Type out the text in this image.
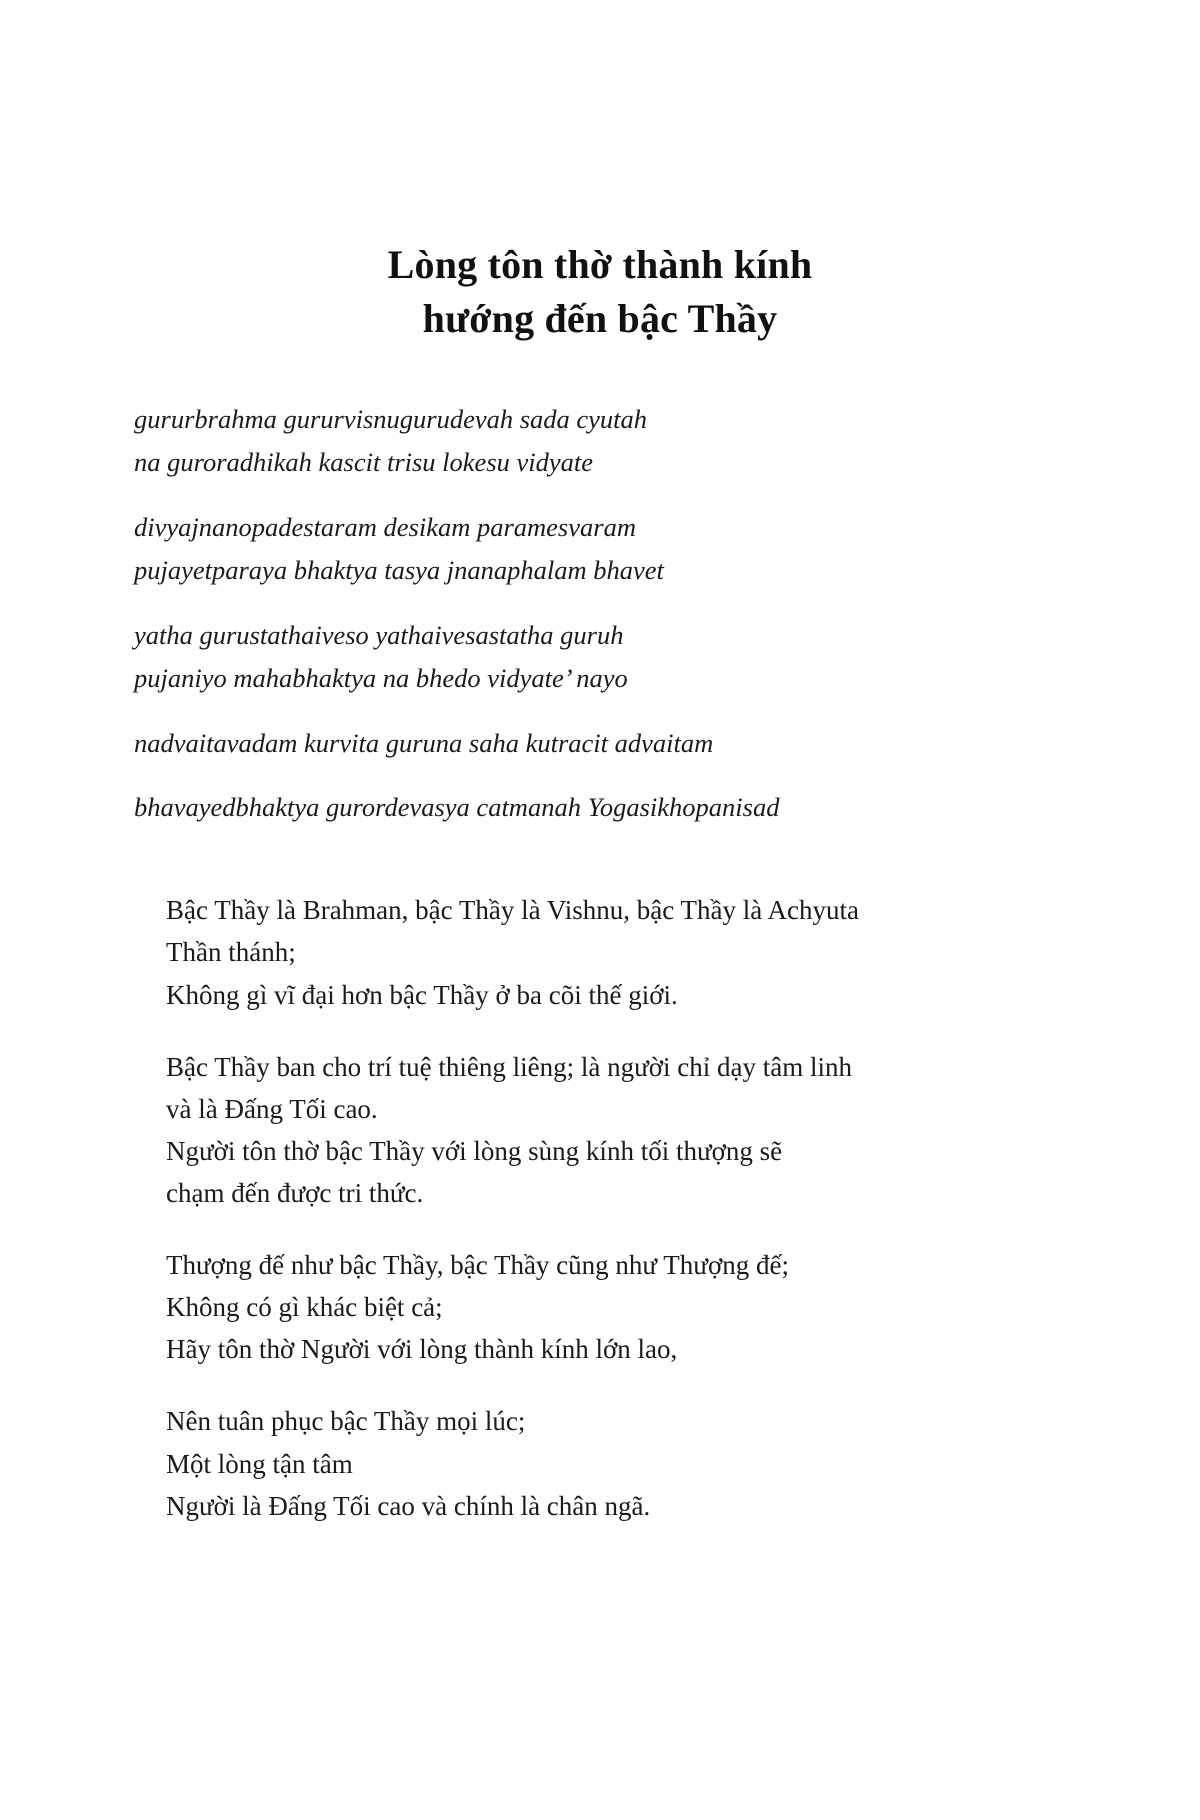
Lòng tôn thờ thành kính
hướng đến bậc Thầy
gururbrahma gururvisnugurudevah sada cyutah
na guroradhikah kascit trisu lokesu vidyate
divyajnanopadestaram desikam paramesvaram
pujayetparaya bhaktya tasya jnanaphalam bhavet
yatha gurustathaiveso yathaivesastatha guruh
pujaniyo mahabhaktya na bhedo vidyate’ nayo
nadvaitavadam kurvita guruna saha kutracit advaitam
bhavayedbhaktya gurordevasya catmanah Yogasikhopanisad
Bậc Thầy là Brahman, bậc Thầy là Vishnu, bậc Thầy là Achyuta
Thần thánh;
Không gì vĩ đại hơn bậc Thầy ở ba cõi thế giới.
Bậc Thầy ban cho trí tuệ thiêng liêng; là người chỉ dạy tâm linh
và là Đấng Tối cao.
Người tôn thờ bậc Thầy với lòng sùng kính tối thượng sẽ
chạm đến được tri thức.
Thượng đế như bậc Thầy, bậc Thầy cũng như Thượng đế;
Không có gì khác biệt cả;
Hãy tôn thờ Người với lòng thành kính lớn lao,
Nên tuân phục bậc Thầy mọi lúc;
Một lòng tận tâm
Người là Đấng Tối cao và chính là chân ngã.
